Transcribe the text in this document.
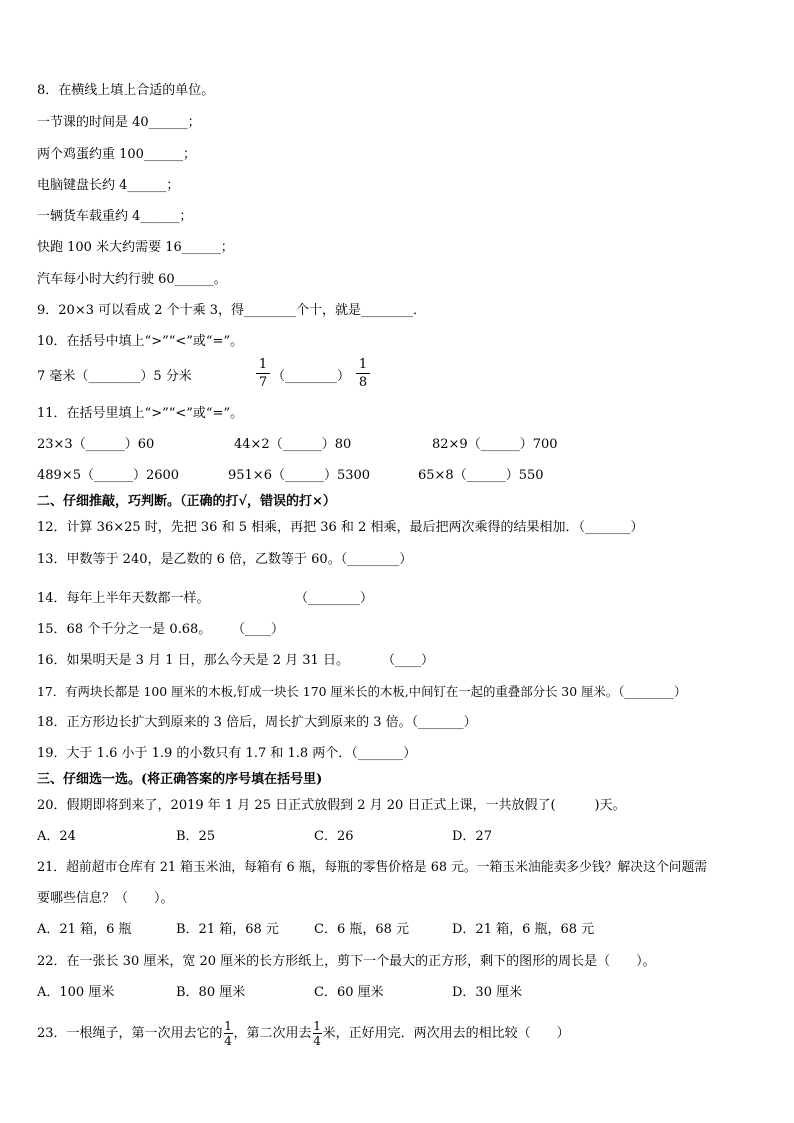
8．在横线上填上合适的单位。
一节课的时间是 40______；
两个鸡蛋约重 100______；
电脑键盘长约 4______；
一辆货车载重约 4______；
快跑 100 米大约需要 16______；
汽车每小时大约行驶 60______。
9．20×3 可以看成 2 个十乘 3，得________个十，就是________．
10．在括号中填上“>”“<”或“=”。
7 毫米（________）5 分米
1
7 （________）
1
8
11．在括号里填上“>”“<”或“=”。
23×3（______）60	44×2（______）80	82×9（______）700
489×5（______）2600	951×6（______）5300	65×8（______）550
二、仔细推敲，巧判断。（正确的打√，错误的打×）
12．计算 36×25 时，先把 36 和 5 相乘，再把 36 和 2 相乘，最后把两次乘得的结果相加．（_______）
13．甲数等于 240，是乙数的 6 倍，乙数等于 60。（________）
14．每年上半年天数都一样。	（________）
15．68 个千分之一是 0.68。 （____）
16．如果明天是 3 月 1 日，那么今天是 2 月 31 日。	（____）
17．有两块长都是 100 厘米的木板,钉成一块长 170 厘米长的木板,中间钉在一起的重叠部分长 30 厘米。（________）
18．正方形边长扩大到原来的 3 倍后，周长扩大到原来的 3 倍。（_______）
19．大于 1.6 小于 1.9 的小数只有 1.7 和 1.8 两个．（_______）
三、仔细选一选。(将正确答案的序号填在括号里)
20．假期即将到来了，2019 年 1 月 25 日正式放假到 2 月 20 日正式上课，一共放假了(　　　)天。
A．24	B．25	C．26	D．27
21．超前超市仓库有 21 箱玉米油，每箱有 6 瓶，每瓶的零售价格是 68 元。一箱玉米油能卖多少钱？解决这个问题需
要哪些信息？（　　）。
A．21 箱，6 瓶	B．21 箱，68 元	C．6 瓶，68 元	D．21 箱，6 瓶，68 元
22．在一张长 30 厘米，宽 20 厘米的长方形纸上，剪下一个最大的正方形，剩下的图形的周长是（　　）。
A．100 厘米	B．80 厘米	C．60 厘米	D．30 厘米
23．一根绳子，第一次用去它的$\frac{1}{4}$，第二次用去$\frac{1}{4}$米，正好用完．两次用去的相比较（　　）
